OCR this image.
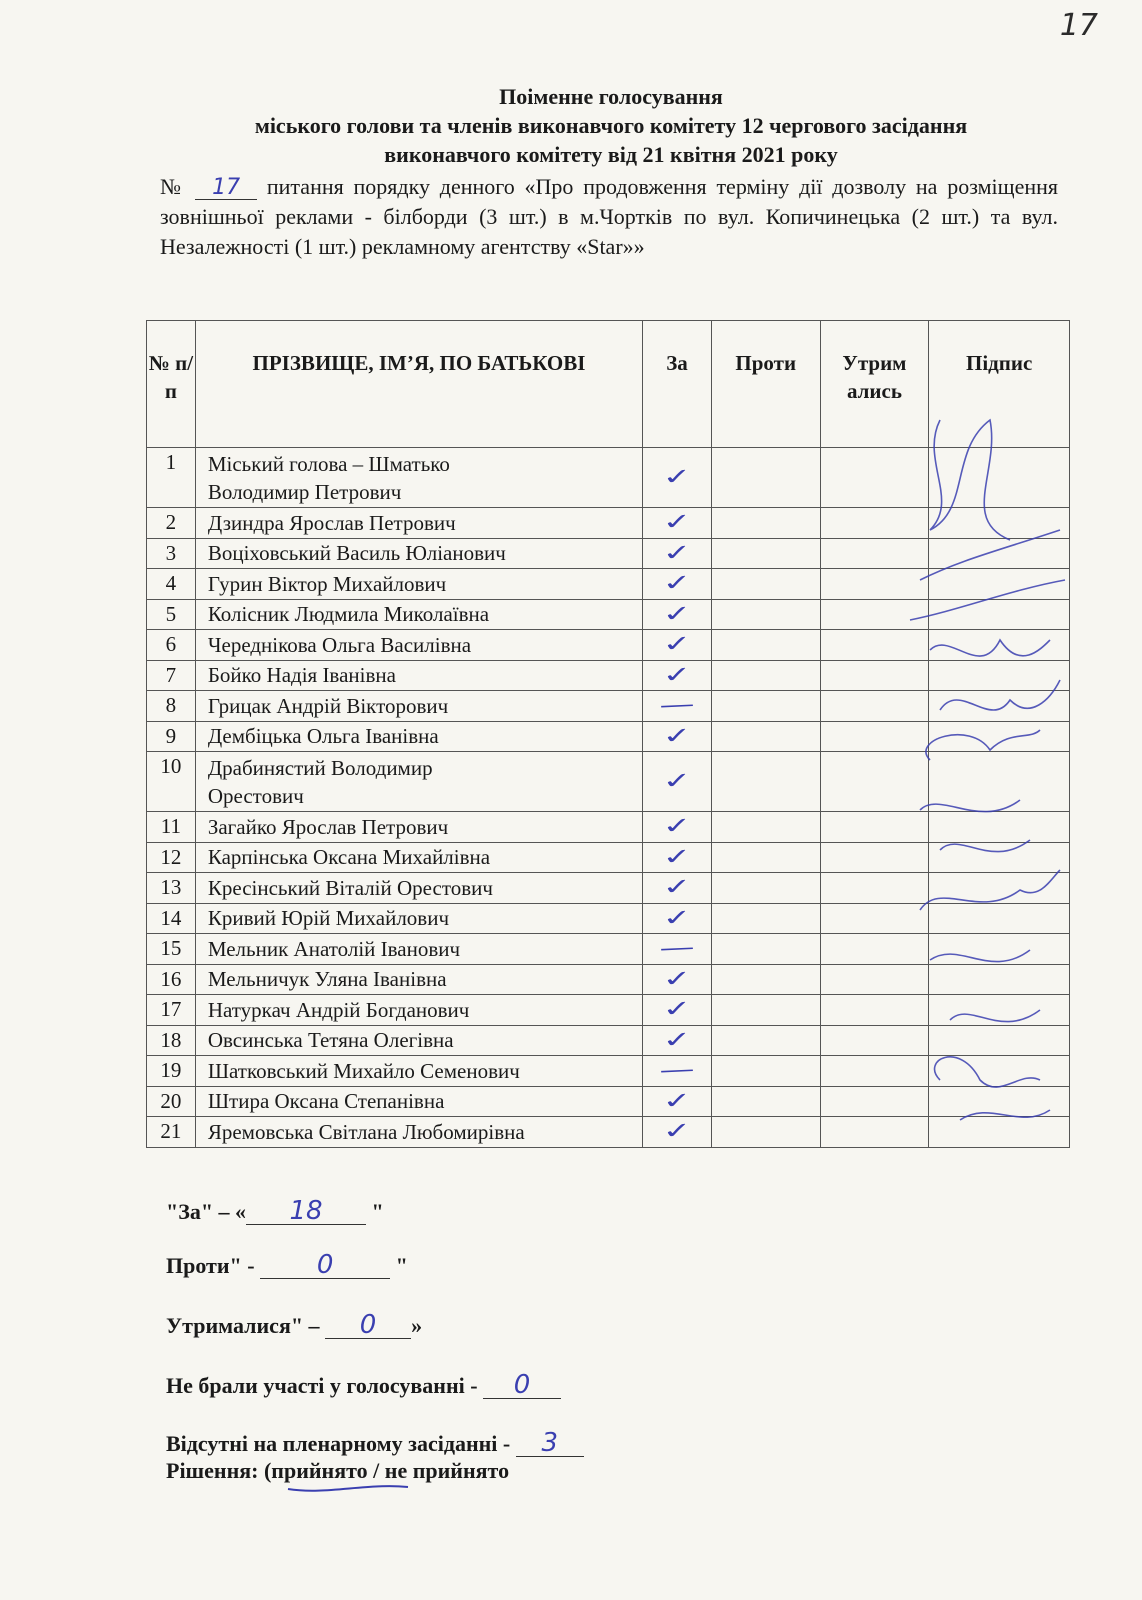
17
Поіменне голосування
міського голови та членів виконавчого комітету 12 чергового засідання
виконавчого комітету від 21 квітня 2021 року
№ 17 питання порядку денного «Про продовження терміну дії дозволу на розміщення зовнішньої реклами - білборди (3 шт.) в м.Чортків по вул. Копичинецька (2 шт.) та вул. Незалежності (1 шт.) рекламному агентству «Star»»
№ п/п	ПРІЗВИЩЕ, ІМ’Я, ПО БАТЬКОВІ	За	Проти	Утрим ались	Підпис
1	Міський голова – Шматько
Володимир Петрович	✓			
2	Дзиндра Ярослав Петрович	✓			
3	Воціховський Василь Юліанович	✓			
4	Гурин Віктор Михайлович	✓			
5	Колісник Людмила Миколаївна	✓			
6	Череднікова Ольга Василівна	✓			
7	Бойко Надія Іванівна	✓			
8	Грицак Андрій Вікторович	—			
9	Дембіцька Ольга Іванівна	✓			
10	Драбинястий Володимир
Орестович	✓			
11	Загайко Ярослав Петрович	✓			
12	Карпінська Оксана Михайлівна	✓			
13	Кресінський Віталій Орестович	✓			
14	Кривий Юрій Михайлович	✓			
15	Мельник Анатолій Іванович	—			
16	Мельничук Уляна Іванівна	✓			
17	Натуркач Андрій Богданович	✓			
18	Овсинська Тетяна Олегівна	✓			
19	Шатковський Михайло Семенович	—			
20	Штира Оксана Степанівна	✓			
21	Яремовська Світлана Любомирівна	✓			
"За" – « 18 "
Проти" - 0	"
Утрималися" – 0 »
Не брали участі у голосуванні - 0
Відсутні на пленарному засіданні - 3
Рішення: (прийнято / не прийнято
